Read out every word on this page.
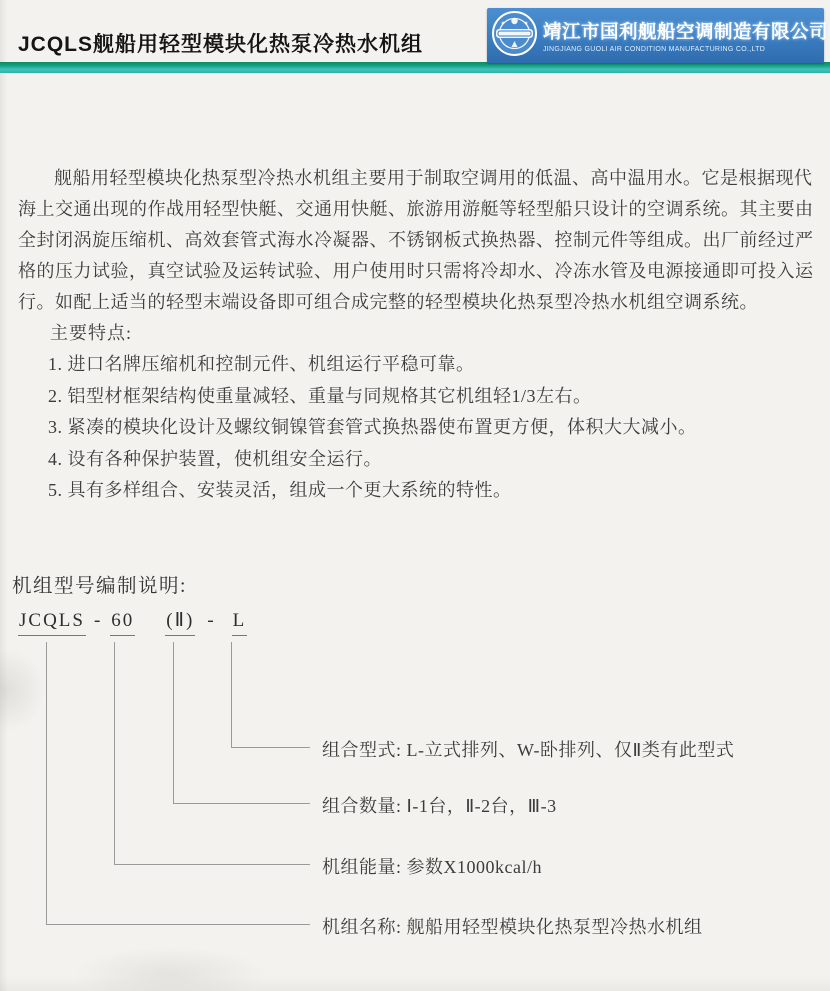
JCQLS舰船用轻型模块化热泵冷热水机组
靖江市国利舰船空调制造有限公司
JINGJIANG GUOLI AIR CONDITION MANUFACTURING CO.,LTD
舰船用轻型模块化热泵型冷热水机组主要用于制取空调用的低温、高中温用水。它是根据现代
海上交通出现的作战用轻型快艇、交通用快艇、旅游用游艇等轻型船只设计的空调系统。其主要由
全封闭涡旋压缩机、高效套管式海水冷凝器、不锈钢板式换热器、控制元件等组成。出厂前经过严
格的压力试验，真空试验及运转试验、用户使用时只需将冷却水、冷冻水管及电源接通即可投入运
行。如配上适当的轻型末端设备即可组合成完整的轻型模块化热泵型冷热水机组空调系统。
主要特点:
1. 进口名牌压缩机和控制元件、机组运行平稳可靠。
2. 铝型材框架结构使重量减轻、重量与同规格其它机组轻1/3左右。
3. 紧凑的模块化设计及螺纹铜镍管套管式换热器使布置更方便，体积大大减小。
4. 设有各种保护装置，使机组安全运行。
5. 具有多样组合、安装灵活，组成一个更大系统的特性。
机组型号编制说明:
JCQLS - 60 (Ⅱ) - L
组合型式: L-立式排列、W-卧排列、仅Ⅱ类有此型式
组合数量: Ⅰ-1台，Ⅱ-2台，Ⅲ-3
机组能量: 参数X1000kcal/h
机组名称: 舰船用轻型模块化热泵型冷热水机组
